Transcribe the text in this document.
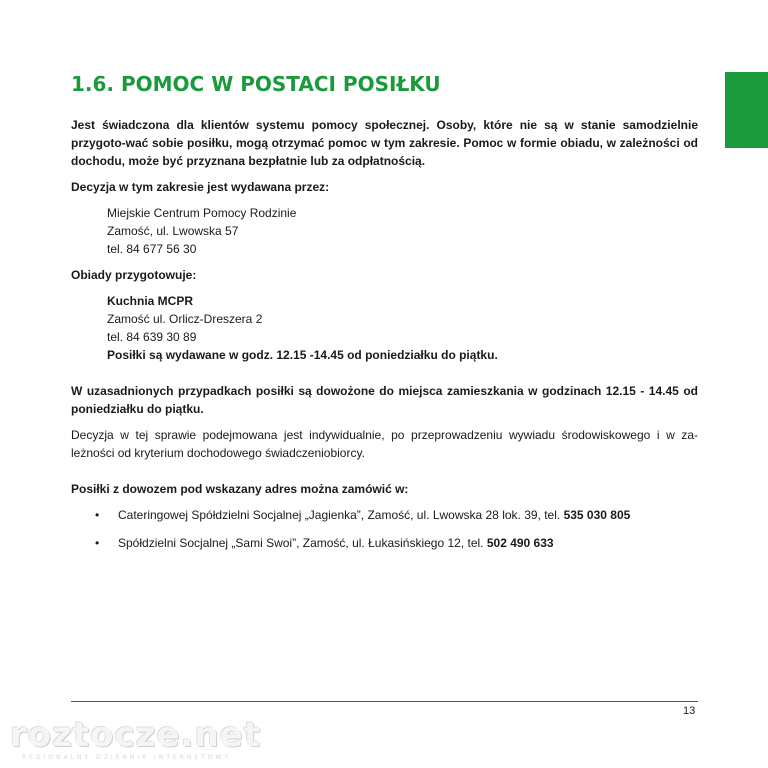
1.6. POMOC W POSTACI POSIŁKU

Jest świadczona dla klientów systemu pomocy społecznej. Osoby, które nie są w stanie samodzielnie przygoto-wać sobie posiłku, mogą otrzymać pomoc w tym zakresie. Pomoc w formie obiadu, w zależności od dochodu, może być przyznana bezpłatnie lub za odpłatnością.

Decyzja w tym zakresie jest wydawana przez:

Miejskie Centrum Pomocy Rodzinie

Zamość, ul. Lwowska 57

tel. 84 677 56 30

Obiady przygotowuje:

Kuchnia MCPR

Zamość ul. Orlicz-Dreszera 2

tel. 84 639 30 89

Posiłki są wydawane w godz. 12.15 -14.45 od poniedziałku do piątku.

W uzasadnionych przypadkach posiłki są dowożone do miejsca zamieszkania w godzinach 12.15 - 14.45 od poniedziałku do piątku.

Decyzja w tej sprawie podejmowana jest indywidualnie, po przeprowadzeniu wywiadu środowiskowego i w za-leżności od kryterium dochodowego świadczeniobiorcy.

Posiłki z dowozem pod wskazany adres można zamówić w:

• Cateringowej Spółdzielni Socjalnej „Jagienka”, Zamość, ul. Lwowska 28 lok. 39, tel. 535 030 805
• Spółdzielni Socjalnej „Sami Swoi”, Zamość, ul. Łukasińskiego 12, tel. 502 490 633
13
roztocze.net
REGIONALNY DZIENNIK INTERNETOWY
